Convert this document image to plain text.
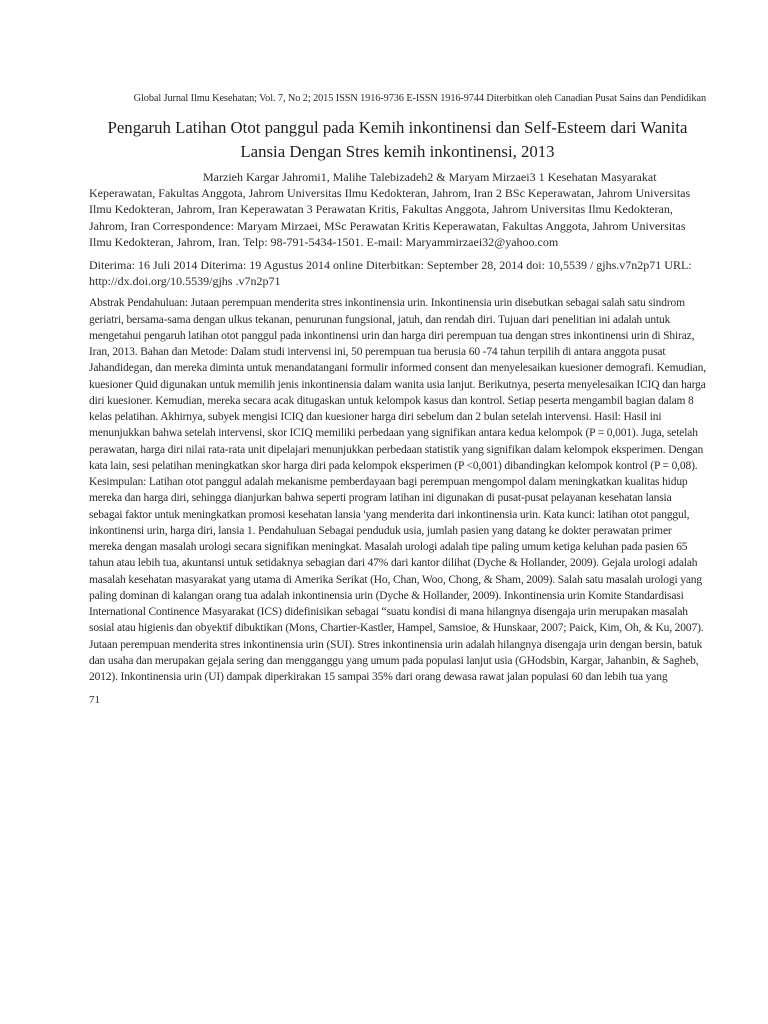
Global Jurnal Ilmu Kesehatan; Vol. 7, No 2; 2015 ISSN 1916-9736 E-ISSN 1916-9744 Diterbitkan oleh Canadian Pusat Sains dan Pendidikan
Pengaruh Latihan Otot panggul pada Kemih inkontinensi dan Self-Esteem dari Wanita Lansia Dengan Stres kemih inkontinensi, 2013
Marzieh Kargar Jahromi1, Malihe Talebizadeh2 & Maryam Mirzaei3 1 Kesehatan Masyarakat Keperawatan, Fakultas Anggota, Jahrom Universitas Ilmu Kedokteran, Jahrom, Iran 2 BSc Keperawatan, Jahrom Universitas Ilmu Kedokteran, Jahrom, Iran Keperawatan 3 Perawatan Kritis, Fakultas Anggota, Jahrom Universitas Ilmu Kedokteran, Jahrom, Iran Correspondence: Maryam Mirzaei, MSc Perawatan Kritis Keperawatan, Fakultas Anggota, Jahrom Universitas Ilmu Kedokteran, Jahrom, Iran. Telp: 98-791-5434-1501. E-mail: Maryammirzaei32@yahoo.com
Diterima: 16 Juli 2014 Diterima: 19 Agustus 2014 online Diterbitkan: September 28, 2014 doi: 10,5539 / gjhs.v7n2p71 URL: http://dx.doi.org/10.5539/gjhs .v7n2p71
Abstrak Pendahuluan: Jutaan perempuan menderita stres inkontinensia urin. Inkontinensia urin disebutkan sebagai salah satu sindrom geriatri, bersama-sama dengan ulkus tekanan, penurunan fungsional, jatuh, dan rendah diri. Tujuan dari penelitian ini adalah untuk mengetahui pengaruh latihan otot panggul pada inkontinensi urin dan harga diri perempuan tua dengan stres inkontinensi urin di Shiraz, Iran, 2013. Bahan dan Metode: Dalam studi intervensi ini, 50 perempuan tua berusia 60 -74 tahun terpilih di antara anggota pusat Jahandidegan, dan mereka diminta untuk menandatangani formulir informed consent dan menyelesaikan kuesioner demografi. Kemudian, kuesioner Quid digunakan untuk memilih jenis inkontinensia dalam wanita usia lanjut. Berikutnya, peserta menyelesaikan ICIQ dan harga diri kuesioner. Kemudian, mereka secara acak ditugaskan untuk kelompok kasus dan kontrol. Setiap peserta mengambil bagian dalam 8 kelas pelatihan. Akhirnya, subyek mengisi ICIQ dan kuesioner harga diri sebelum dan 2 bulan setelah intervensi. Hasil: Hasil ini menunjukkan bahwa setelah intervensi, skor ICIQ memiliki perbedaan yang signifikan antara kedua kelompok (P = 0,001). Juga, setelah perawatan, harga diri nilai rata-rata unit dipelajari menunjukkan perbedaan statistik yang signifikan dalam kelompok eksperimen. Dengan kata lain, sesi pelatihan meningkatkan skor harga diri pada kelompok eksperimen (P <0,001) dibandingkan kelompok kontrol (P = 0,08). Kesimpulan: Latihan otot panggul adalah mekanisme pemberdayaan bagi perempuan mengompol dalam meningkatkan kualitas hidup mereka dan harga diri, sehingga dianjurkan bahwa seperti program latihan ini digunakan di pusat-pusat pelayanan kesehatan lansia sebagai faktor untuk meningkatkan promosi kesehatan lansia 'yang menderita dari inkontinensia urin. Kata kunci: latihan otot panggul, inkontinensi urin, harga diri, lansia 1. Pendahuluan Sebagai penduduk usia, jumlah pasien yang datang ke dokter perawatan primer mereka dengan masalah urologi secara signifikan meningkat. Masalah urologi adalah tipe paling umum ketiga keluhan pada pasien 65 tahun atau lebih tua, akuntansi untuk setidaknya sebagian dari 47% dari kantor dilihat (Dyche & Hollander, 2009). Gejala urologi adalah masalah kesehatan masyarakat yang utama di Amerika Serikat (Ho, Chan, Woo, Chong, & Sham, 2009). Salah satu masalah urologi yang paling dominan di kalangan orang tua adalah inkontinensia urin (Dyche & Hollander, 2009). Inkontinensia urin Komite Standardisasi International Continence Masyarakat (ICS) didefinisikan sebagai “suatu kondisi di mana hilangnya disengaja urin merupakan masalah sosial atau higienis dan obyektif dibuktikan (Mons, Chartier-Kastler, Hampel, Samsioe, & Hunskaar, 2007; Paick, Kim, Oh, & Ku, 2007). Jutaan perempuan menderita stres inkontinensia urin (SUI). Stres inkontinensia urin adalah hilangnya disengaja urin dengan bersin, batuk dan usaha dan merupakan gejala sering dan mengganggu yang umum pada populasi lanjut usia (GHodsbin, Kargar, Jahanbin, & Sagheb, 2012). Inkontinensia urin (UI) dampak diperkirakan 15 sampai 35% dari orang dewasa rawat jalan populasi 60 dan lebih tua yang
71
